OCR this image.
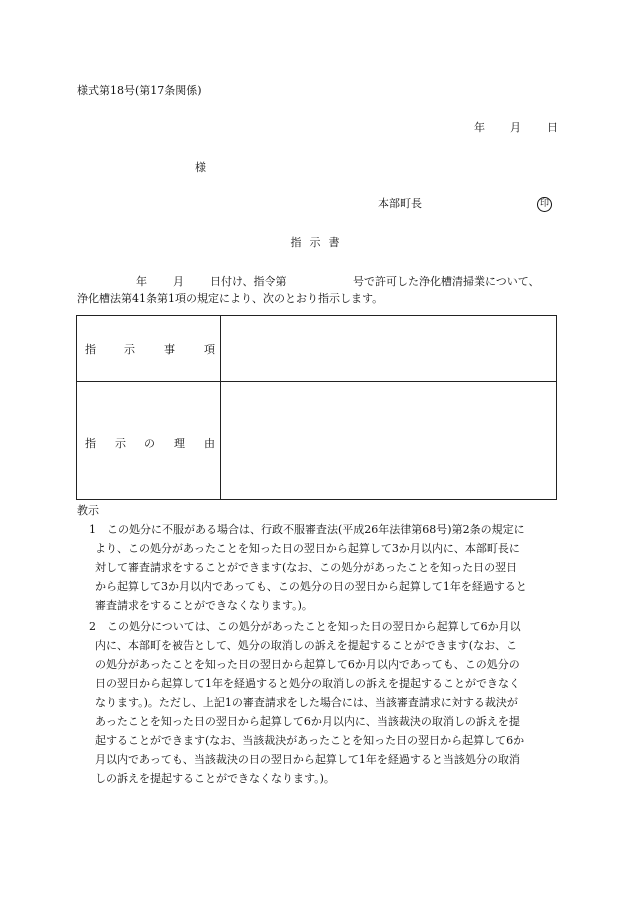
様式第18号(第17条関係)
年 月 日
様
本部町長	印
指 示 書
年 月 日付け、指令第	号で許可した浄化槽清掃業について、
浄化槽法第41条第1項の規定により、次のとおり指示します。
指	示	事	項
指 示 の 理 由
教示
1 この処分に不服がある場合は、行政不服審査法(平成26年法律第68号)第2条の規定に
より、この処分があったことを知った日の翌日から起算して3か月以内に、本部町長に
対して審査請求をすることができます(なお、この処分があったことを知った日の翌日
から起算して3か月以内であっても、この処分の日の翌日から起算して1年を経過すると
審査請求をすることができなくなります。)。
2 この処分については、この処分があったことを知った日の翌日から起算して6か月以
内に、本部町を被告として、処分の取消しの訴えを提起することができます(なお、こ
の処分があったことを知った日の翌日から起算して6か月以内であっても、この処分の
日の翌日から起算して1年を経過すると処分の取消しの訴えを提起することができなく
なります。)。ただし、上記1の審査請求をした場合には、当該審査請求に対する裁決が
あったことを知った日の翌日から起算して6か月以内に、当該裁決の取消しの訴えを提
起することができます(なお、当該裁決があったことを知った日の翌日から起算して6か
月以内であっても、当該裁決の日の翌日から起算して1年を経過すると当該処分の取消
しの訴えを提起することができなくなります。)。
